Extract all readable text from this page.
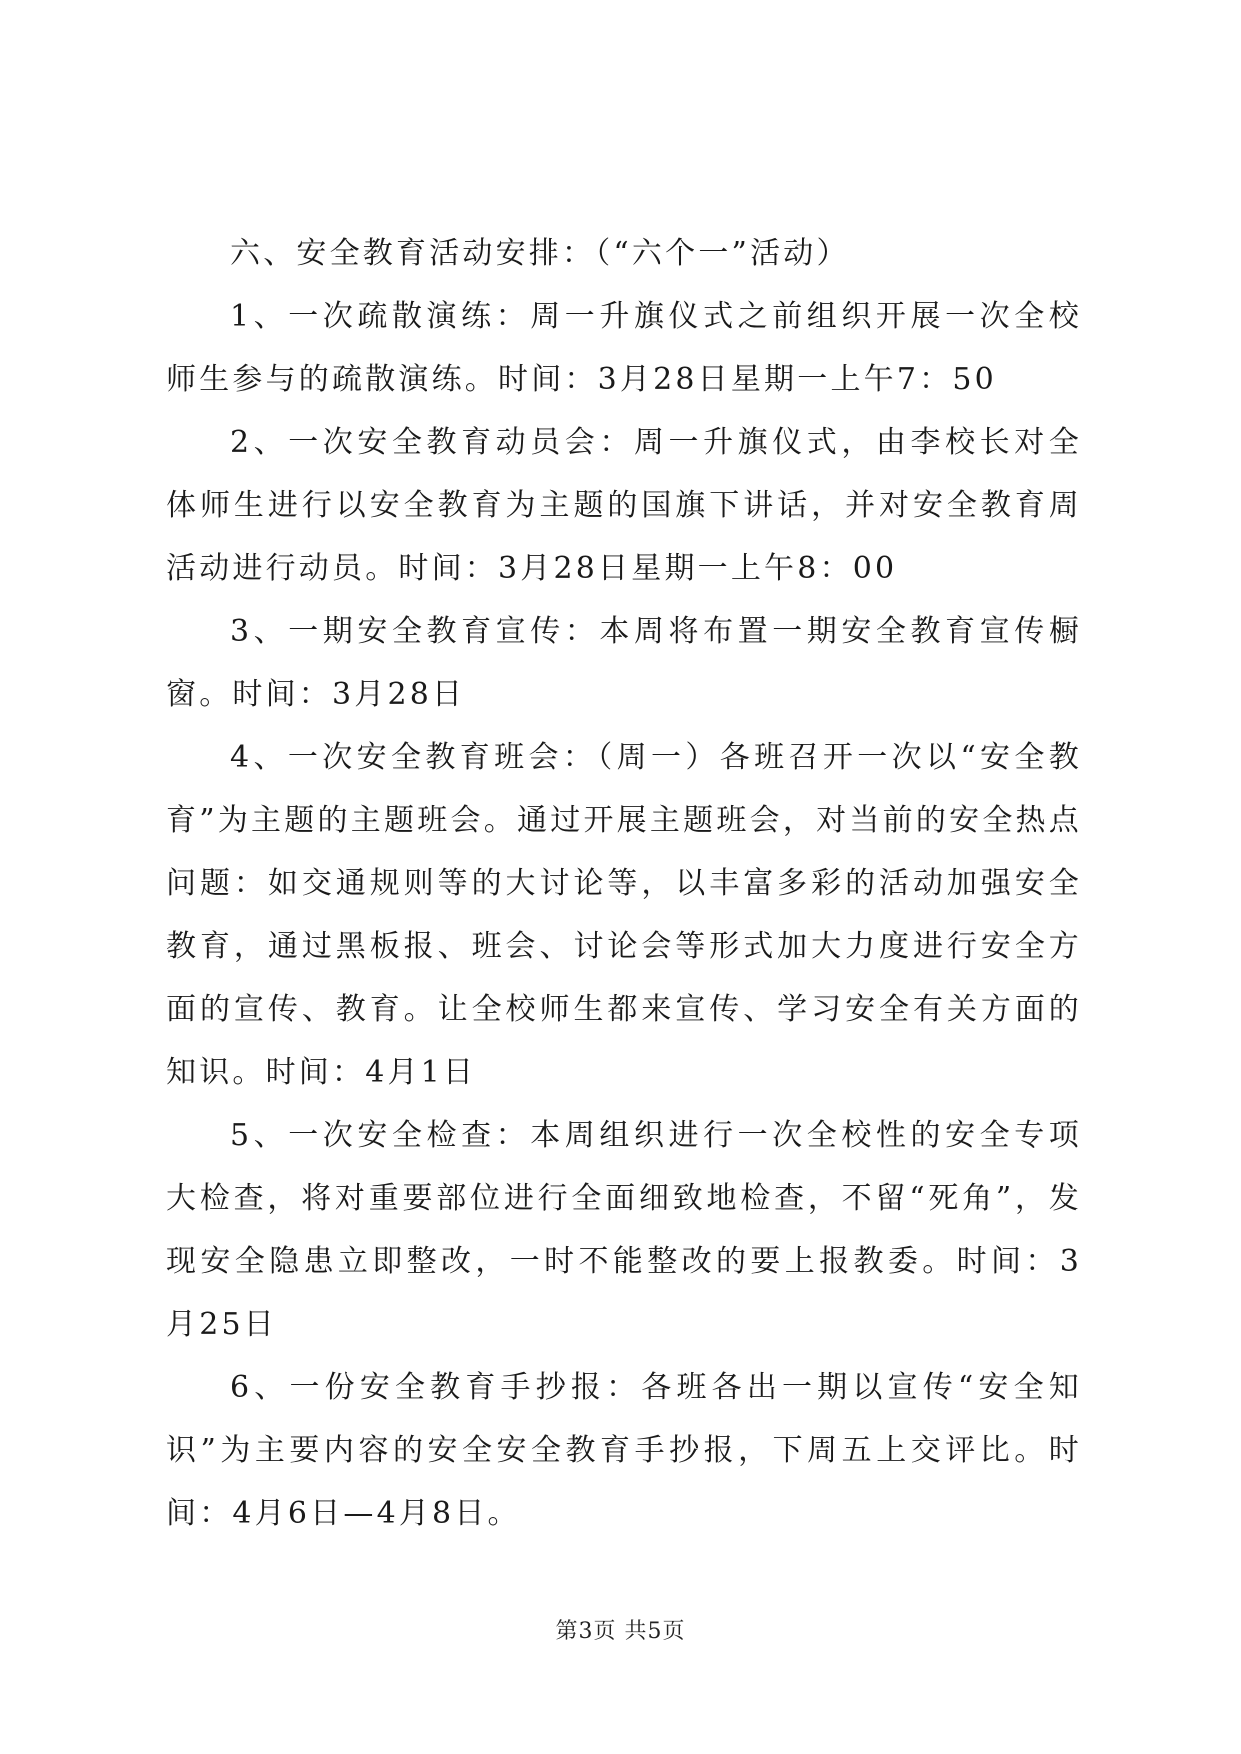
六、安全教育活动安排：（“六个一”活动）

1、一次疏散演练：周一升旗仪式之前组织开展一次全校师生参与的疏散演练。时间：3月28日星期一上午7：50

2、一次安全教育动员会：周一升旗仪式，由李校长对全体师生进行以安全教育为主题的国旗下讲话，并对安全教育周活动进行动员。时间：3月28日星期一上午8：00

3、一期安全教育宣传：本周将布置一期安全教育宣传橱窗。时间：3月28日

4、一次安全教育班会：（周一）各班召开一次以“安全教育”为主题的主题班会。通过开展主题班会，对当前的安全热点问题：如交通规则等的大讨论等，以丰富多彩的活动加强安全教育，通过黑板报、班会、讨论会等形式加大力度进行安全方面的宣传、教育。让全校师生都来宣传、学习安全有关方面的知识。时间：4月1日

5、一次安全检查：本周组织进行一次全校性的安全专项大检查，将对重要部位进行全面细致地检查，不留“死角”，发现安全隐患立即整改，一时不能整改的要上报教委。时间：3月25日

6、一份安全教育手抄报：各班各出一期以宣传“安全知识”为主要内容的安全安全教育手抄报，下周五上交评比。时间：4月6日—4月8日。

第3页 共5页
